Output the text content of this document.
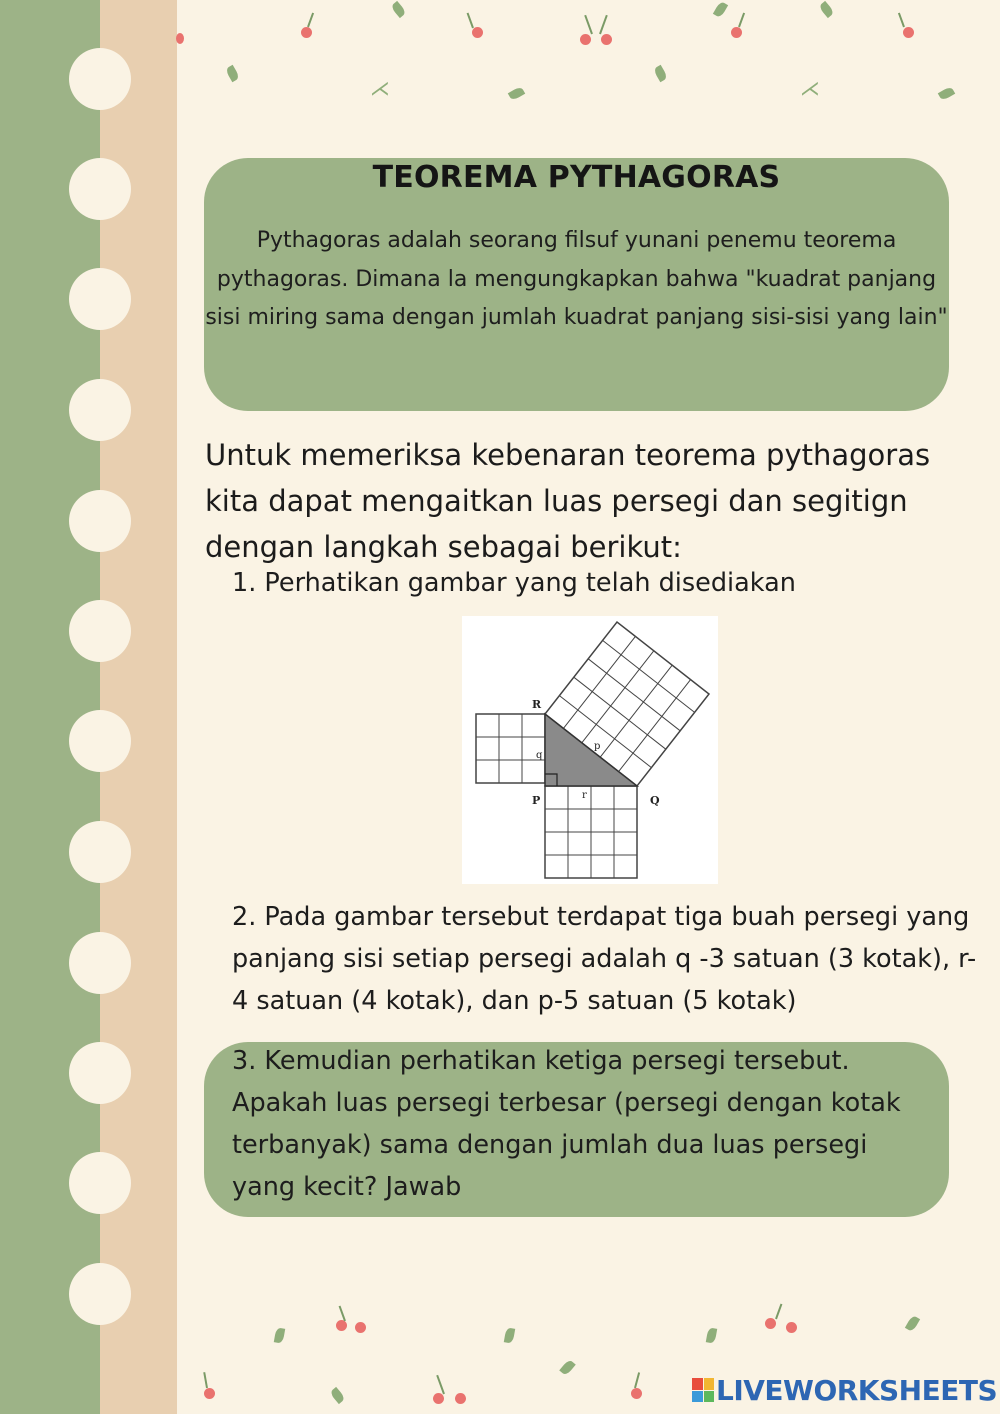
⋌	⋌
TEOREMA PYTHAGORAS
Pythagoras adalah seorang filsuf yunani penemu teorema pythagoras. Dimana la mengungkapkan bahwa "kuadrat panjang sisi miring sama dengan jumlah kuadrat panjang sisi-sisi yang lain"
Untuk memeriksa kebenaran teorema pythagoras kita dapat mengaitkan luas persegi dan segitign dengan langkah sebagai berikut:
1. Perhatikan gambar yang telah disediakan
R
P	Q
p
q
r
2. Pada gambar tersebut terdapat tiga buah persegi yang panjang sisi setiap persegi adalah q -3 satuan (3 kotak), r-4 satuan (4 kotak), dan p-5 satuan (5 kotak)
3. Kemudian perhatikan ketiga persegi tersebut. Apakah luas persegi terbesar (persegi dengan kotak terbanyak) sama dengan jumlah dua luas persegi yang kecit? Jawab
LIVEWORKSHEETS
